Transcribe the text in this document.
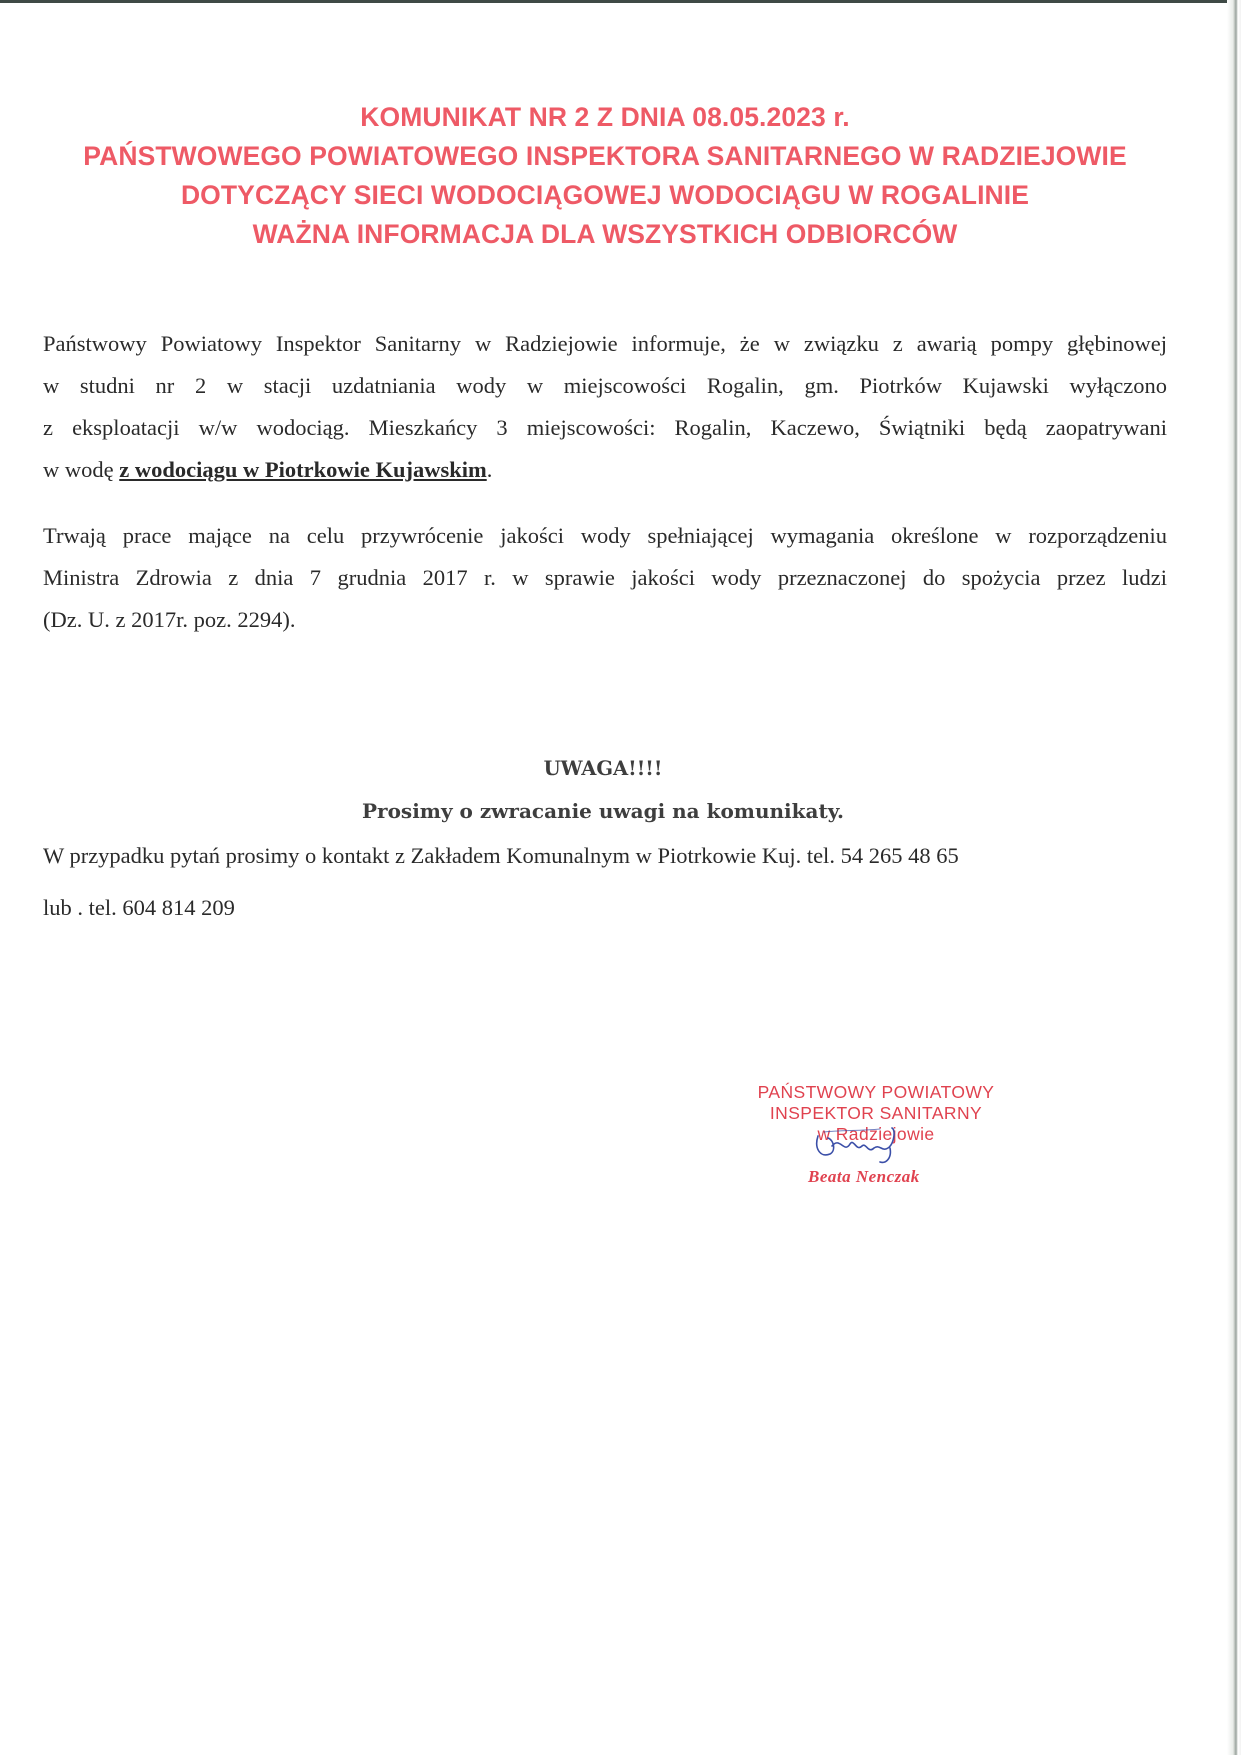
KOMUNIKAT NR 2 Z DNIA 08.05.2023 r.
PAŃSTWOWEGO POWIATOWEGO INSPEKTORA SANITARNEGO W RADZIEJOWIE
DOTYCZĄCY SIECI WODOCIĄGOWEJ WODOCIĄGU W ROGALINIE
WAŻNA INFORMACJA DLA WSZYSTKICH ODBIORCÓW
Państwowy Powiatowy Inspektor Sanitarny w Radziejowie informuje, że w związku z awarią pompy głębinowej
w studni nr 2 w stacji uzdatniania wody w miejscowości Rogalin, gm. Piotrków Kujawski wyłączono
z eksploatacji w/w wodociąg. Mieszkańcy 3 miejscowości: Rogalin, Kaczewo, Świątniki będą zaopatrywani
w wodę z wodociągu w Piotrkowie Kujawskim.
Trwają prace mające na celu przywrócenie jakości wody spełniającej wymagania określone w rozporządzeniu
Ministra Zdrowia z dnia 7 grudnia 2017 r. w sprawie jakości wody przeznaczonej do spożycia przez ludzi
(Dz. U. z 2017r. poz. 2294).
UWAGA!!!!
Prosimy o zwracanie uwagi na komunikaty.
W przypadku pytań prosimy o kontakt z Zakładem Komunalnym w Piotrkowie Kuj. tel. 54 265 48 65
lub . tel. 604 814 209
PAŃSTWOWY POWIATOWY
INSPEKTOR SANITARNY
w Radziejowie
Beata Nenczak
